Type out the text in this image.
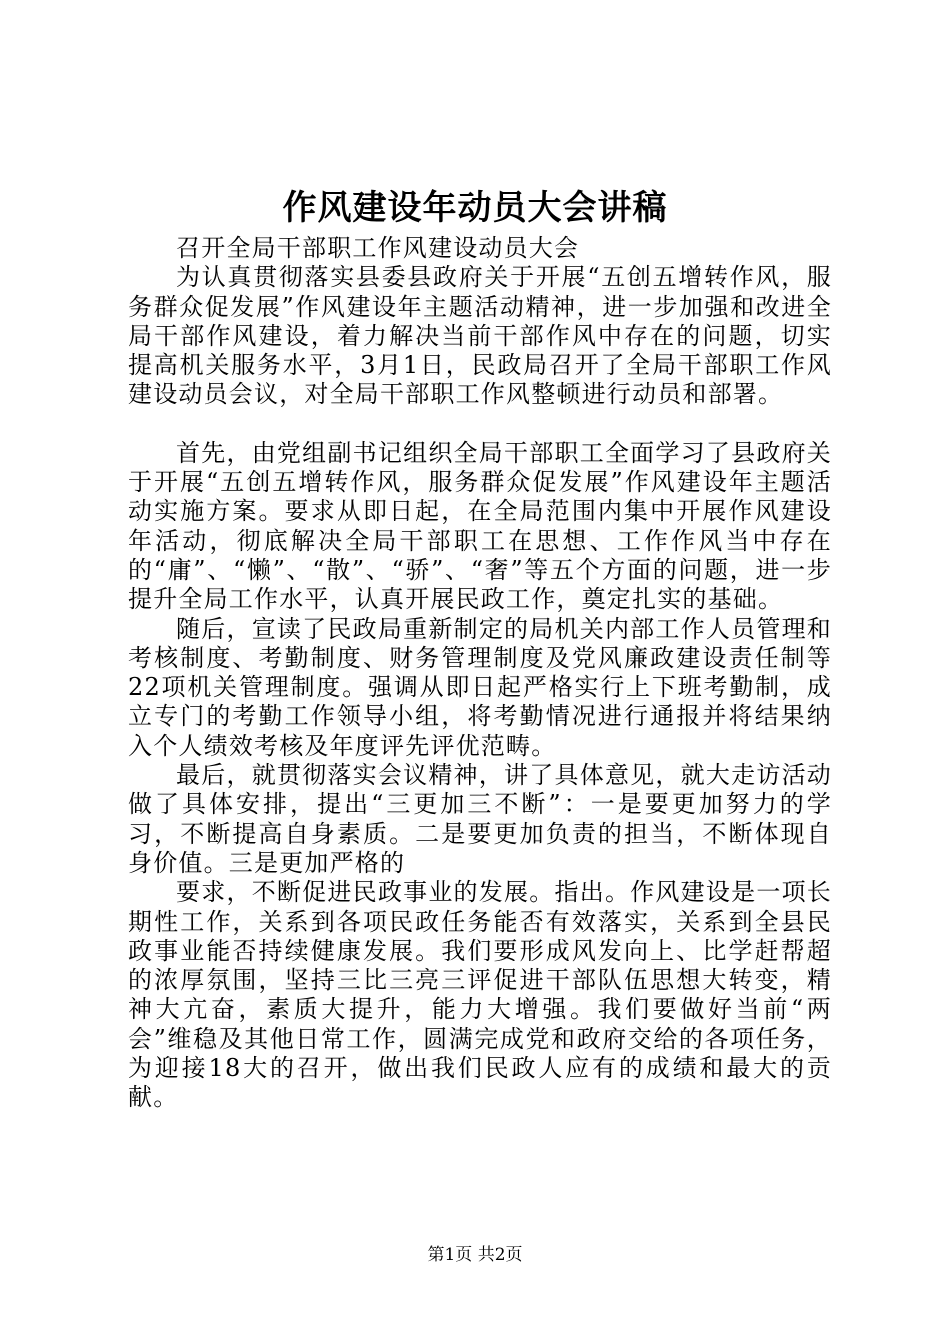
作风建设年动员大会讲稿

召开全局干部职工作风建设动员大会

为认真贯彻落实县委县政府关于开展“五创五增转作风，服务群众促发展”作风建设年主题活动精神，进一步加强和改进全局干部作风建设，着力解决当前干部作风中存在的问题，切实提高机关服务水平，3月1日，民政局召开了全局干部职工作风建设动员会议，对全局干部职工作风整顿进行动员和部署。

首先，由党组副书记组织全局干部职工全面学习了县政府关于开展“五创五增转作风，服务群众促发展”作风建设年主题活动实施方案。要求从即日起，在全局范围内集中开展作风建设年活动，彻底解决全局干部职工在思想、工作作风当中存在的“庸”、“懒”、“散”、“骄”、“奢”等五个方面的问题，进一步提升全局工作水平，认真开展民政工作，奠定扎实的基础。

随后，宣读了民政局重新制定的局机关内部工作人员管理和考核制度、考勤制度、财务管理制度及党风廉政建设责任制等22项机关管理制度。强调从即日起严格实行上下班考勤制，成立专门的考勤工作领导小组，将考勤情况进行通报并将结果纳入个人绩效考核及年度评先评优范畴。

最后，就贯彻落实会议精神，讲了具体意见，就大走访活动做了具体安排，提出“三更加三不断”：一是要更加努力的学习，不断提高自身素质。二是要更加负责的担当，不断体现自身价值。三是更加严格的

要求，不断促进民政事业的发展。指出。作风建设是一项长期性工作，关系到各项民政任务能否有效落实，关系到全县民政事业能否持续健康发展。我们要形成风发向上、比学赶帮超的浓厚氛围，坚持三比三亮三评促进干部队伍思想大转变，精神大亢奋，素质大提升，能力大增强。我们要做好当前“两会”维稳及其他日常工作，圆满完成党和政府交给的各项任务，为迎接18大的召开，做出我们民政人应有的成绩和最大的贡献。

第1页 共2页
